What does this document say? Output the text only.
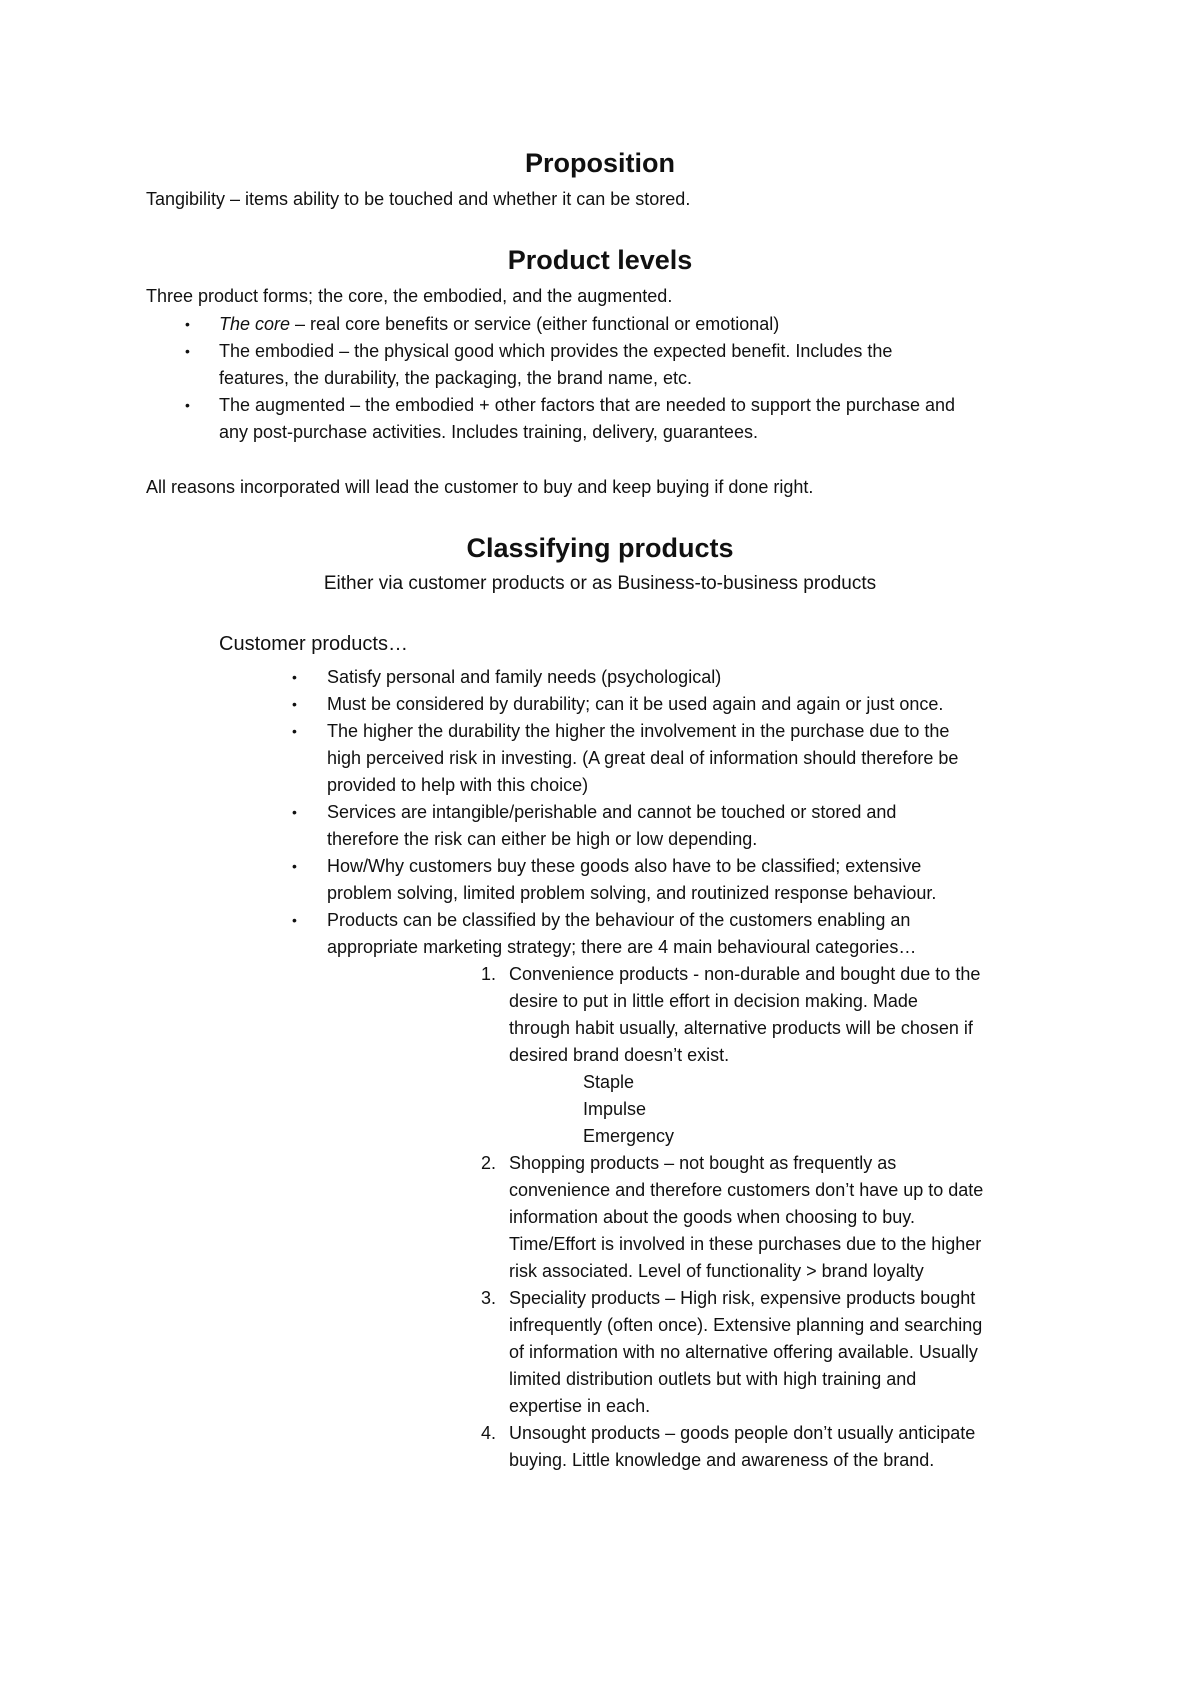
Proposition
Tangibility – items ability to be touched and whether it can be stored.
Product levels
Three product forms; the core, the embodied, and the augmented.
• The core – real core benefits or service (either functional or emotional)
• The embodied – the physical good which provides the expected benefit. Includes the
features, the durability, the packaging, the brand name, etc.
• The augmented – the embodied + other factors that are needed to support the purchase and
any post-purchase activities. Includes training, delivery, guarantees.
All reasons incorporated will lead the customer to buy and keep buying if done right.
Classifying products
Either via customer products or as Business-to-business products
Customer products…
• Satisfy personal and family needs (psychological)
• Must be considered by durability; can it be used again and again or just once.
• The higher the durability the higher the involvement in the purchase due to the
high perceived risk in investing. (A great deal of information should therefore be
provided to help with this choice)
• Services are intangible/perishable and cannot be touched or stored and
therefore the risk can either be high or low depending.
• How/Why customers buy these goods also have to be classified; extensive
problem solving, limited problem solving, and routinized response behaviour.
• Products can be classified by the behaviour of the customers enabling an
appropriate marketing strategy; there are 4 main behavioural categories…
1. Convenience products - non-durable and bought due to the
desire to put in little effort in decision making. Made
through habit usually, alternative products will be chosen if
desired brand doesn’t exist.
Staple
Impulse
Emergency
2. Shopping products – not bought as frequently as
convenience and therefore customers don’t have up to date
information about the goods when choosing to buy.
Time/Effort is involved in these purchases due to the higher
risk associated. Level of functionality > brand loyalty
3. Speciality products – High risk, expensive products bought
infrequently (often once). Extensive planning and searching
of information with no alternative offering available. Usually
limited distribution outlets but with high training and
expertise in each.
4. Unsought products – goods people don’t usually anticipate
buying. Little knowledge and awareness of the brand.
